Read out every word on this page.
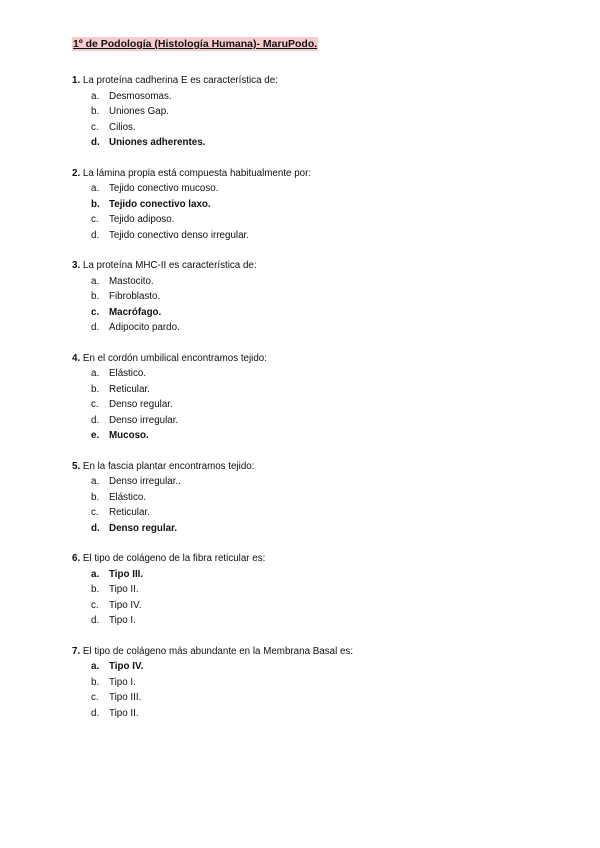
1º de Podología (Histología Humana)- MaruPodo.
1. La proteína cadherina E es característica de:
a.	Desmosomas.
b.	Uniones Gap.
c.	Cilios.
d. Uniones adherentes.
2. La lámina propia está compuesta habitualmente por:
a.	Tejido conectivo mucoso.
b. Tejido conectivo laxo.
c.	Tejido adiposo.
d.	Tejido conectivo denso irregular.
3. La proteína MHC-II es característica de:
a.	Mastocito.
b.	Fibroblasto.
c.	Macrófago.
d.	Adipocito pardo.
4. En el cordón umbilical encontramos tejido:
a.	Elástico.
b.	Reticular.
c.	Denso regular.
d.	Denso irregular.
e.	Mucoso.
5. En la fascia plantar encontramos tejido:
a.	Denso irregular..
b.	Elástico.
c.	Reticular.
d. Denso regular.
6. El tipo de colágeno de la fibra reticular es:
a.	Tipo III.
b.	Tipo II.
c.	Tipo IV.
d.	Tipo I.
7. El tipo de colágeno más abundante en la Membrana Basal es:
a.	Tipo IV.
b.	Tipo I.
c.	Tipo III.
d.	Tipo II.
